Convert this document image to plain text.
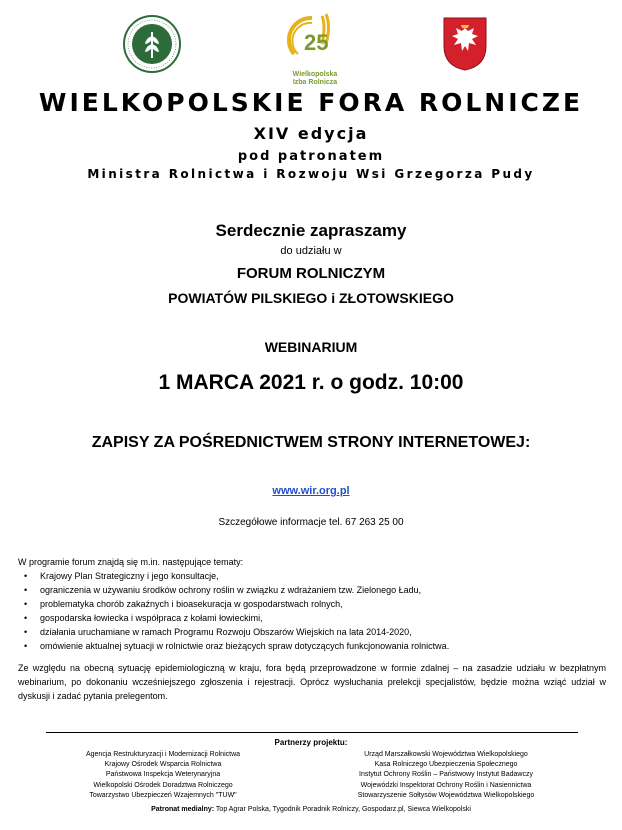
25
Wielkopolska
Izba Rolnicza
WIELKOPOLSKIE FORA ROLNICZE
XIV edycja
pod patronatem
Ministra Rolnictwa i Rozwoju Wsi Grzegorza Pudy
Serdecznie zapraszamy
do udziału w
FORUM ROLNICZYM
POWIATÓW PILSKIEGO i ZŁOTOWSKIEGO
WEBINARIUM
1 MARCA 2021 r. o godz. 10:00
ZAPISY ZA POŚREDNICTWEM STRONY INTERNETOWEJ:
www.wir.org.pl
Szczegółowe informacje tel. 67 263 25 00
W programie forum znajdą się m.in. następujące tematy:
• Krajowy Plan Strategiczny i jego konsultacje,
• ograniczenia w używaniu środków ochrony roślin w związku z wdrażaniem tzw. Zielonego Ładu,
• problematyka chorób zakaźnych i bioasekuracja w gospodarstwach rolnych,
• gospodarska łowiecka i współpraca z kołami łowieckimi,
• działania uruchamiane w ramach Programu Rozwoju Obszarów Wiejskich na lata 2014-2020,
• omówienie aktualnej sytuacji w rolnictwie oraz bieżących spraw dotyczących funkcjonowania rolnictwa.
Ze względu na obecną sytuację epidemiologiczną w kraju, fora będą przeprowadzone w formie zdalnej – na zasadzie udziału w bezpłatnym webinarium, po dokonaniu wcześniejszego zgłoszenia i rejestracji. Oprócz wysłuchania prelekcji specjalistów, będzie można wziąć udział w dyskusji i zadać pytania prelegentom.
Partnerzy projektu:
Agencja Restrukturyzacji i Modernizacji Rolnictwa
Krajowy Ośrodek Wsparcia Rolnictwa
Państwowa Inspekcja Weterynaryjna
Wielkopolski Ośrodek Doradztwa Rolniczego
Towarzystwo Ubezpieczeń Wzajemnych "TUW"
Urząd Marszałkowski Województwa Wielkopolskiego
Kasa Rolniczego Ubezpieczenia Społecznego
Instytut Ochrony Roślin – Państwowy Instytut Badawczy
Wojewódzki Inspektorat Ochrony Roślin i Nasiennictwa
Stowarzyszenie Sołtysów Województwa Wielkopolskiego
Patronat medialny: Top Agrar Polska, Tygodnik Poradnik Rolniczy, Gospodarz.pl, Siewca Wielkopolski
